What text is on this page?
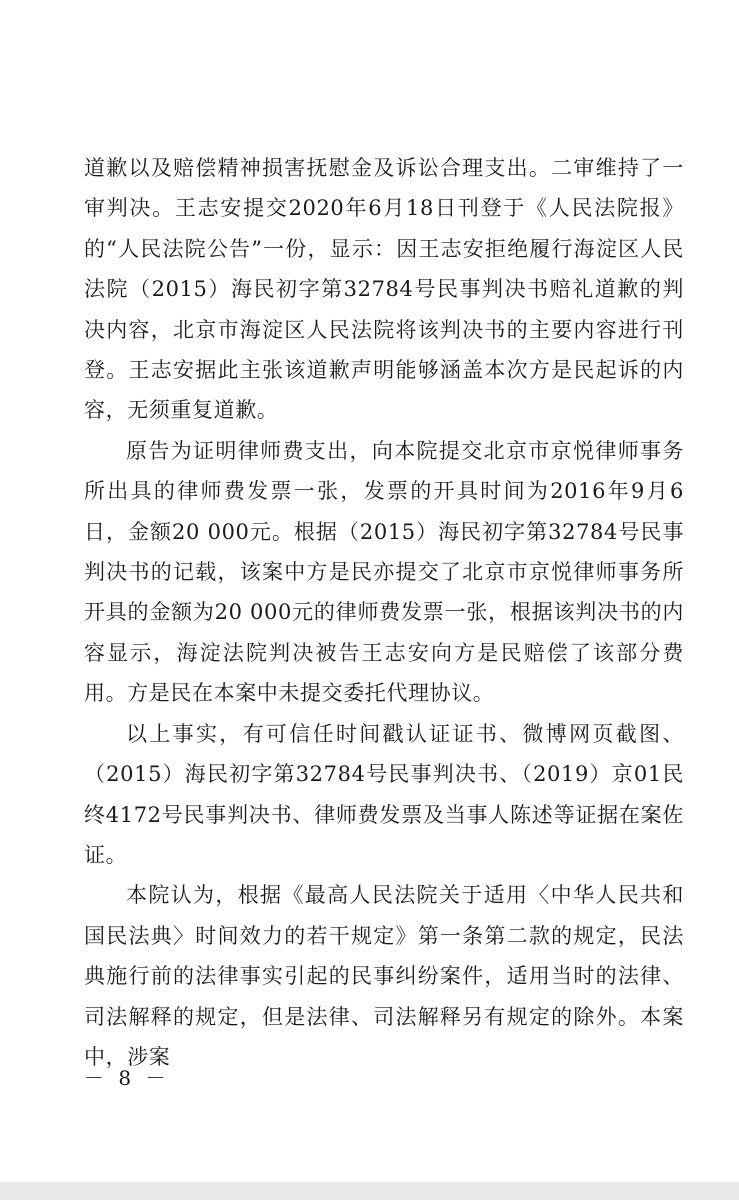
道歉以及赔偿精神损害抚慰金及诉讼合理支出。二审维持了一审判决。王志安提交2020年6月18日刊登于《人民法院报》的“人民法院公告”一份，显示：因王志安拒绝履行海淀区人民法院（2015）海民初字第32784号民事判决书赔礼道歉的判决内容，北京市海淀区人民法院将该判决书的主要内容进行刊登。王志安据此主张该道歉声明能够涵盖本次方是民起诉的内容，无须重复道歉。

原告为证明律师费支出，向本院提交北京市京悦律师事务所出具的律师费发票一张，发票的开具时间为2016年9月6日，金额20 000元。根据（2015）海民初字第32784号民事判决书的记载，该案中方是民亦提交了北京市京悦律师事务所开具的金额为20 000元的律师费发票一张，根据该判决书的内容显示，海淀法院判决被告王志安向方是民赔偿了该部分费用。方是民在本案中未提交委托代理协议。

以上事实，有可信任时间戳认证证书、微博网页截图、（2015）海民初字第32784号民事判决书、（2019）京01民终4172号民事判决书、律师费发票及当事人陈述等证据在案佐证。

本院认为，根据《最高人民法院关于适用〈中华人民共和国民法典〉时间效力的若干规定》第一条第二款的规定，民法典施行前的法律事实引起的民事纠纷案件，适用当时的法律、司法解释的规定，但是法律、司法解释另有规定的除外。本案中，涉案

－ 8 －
